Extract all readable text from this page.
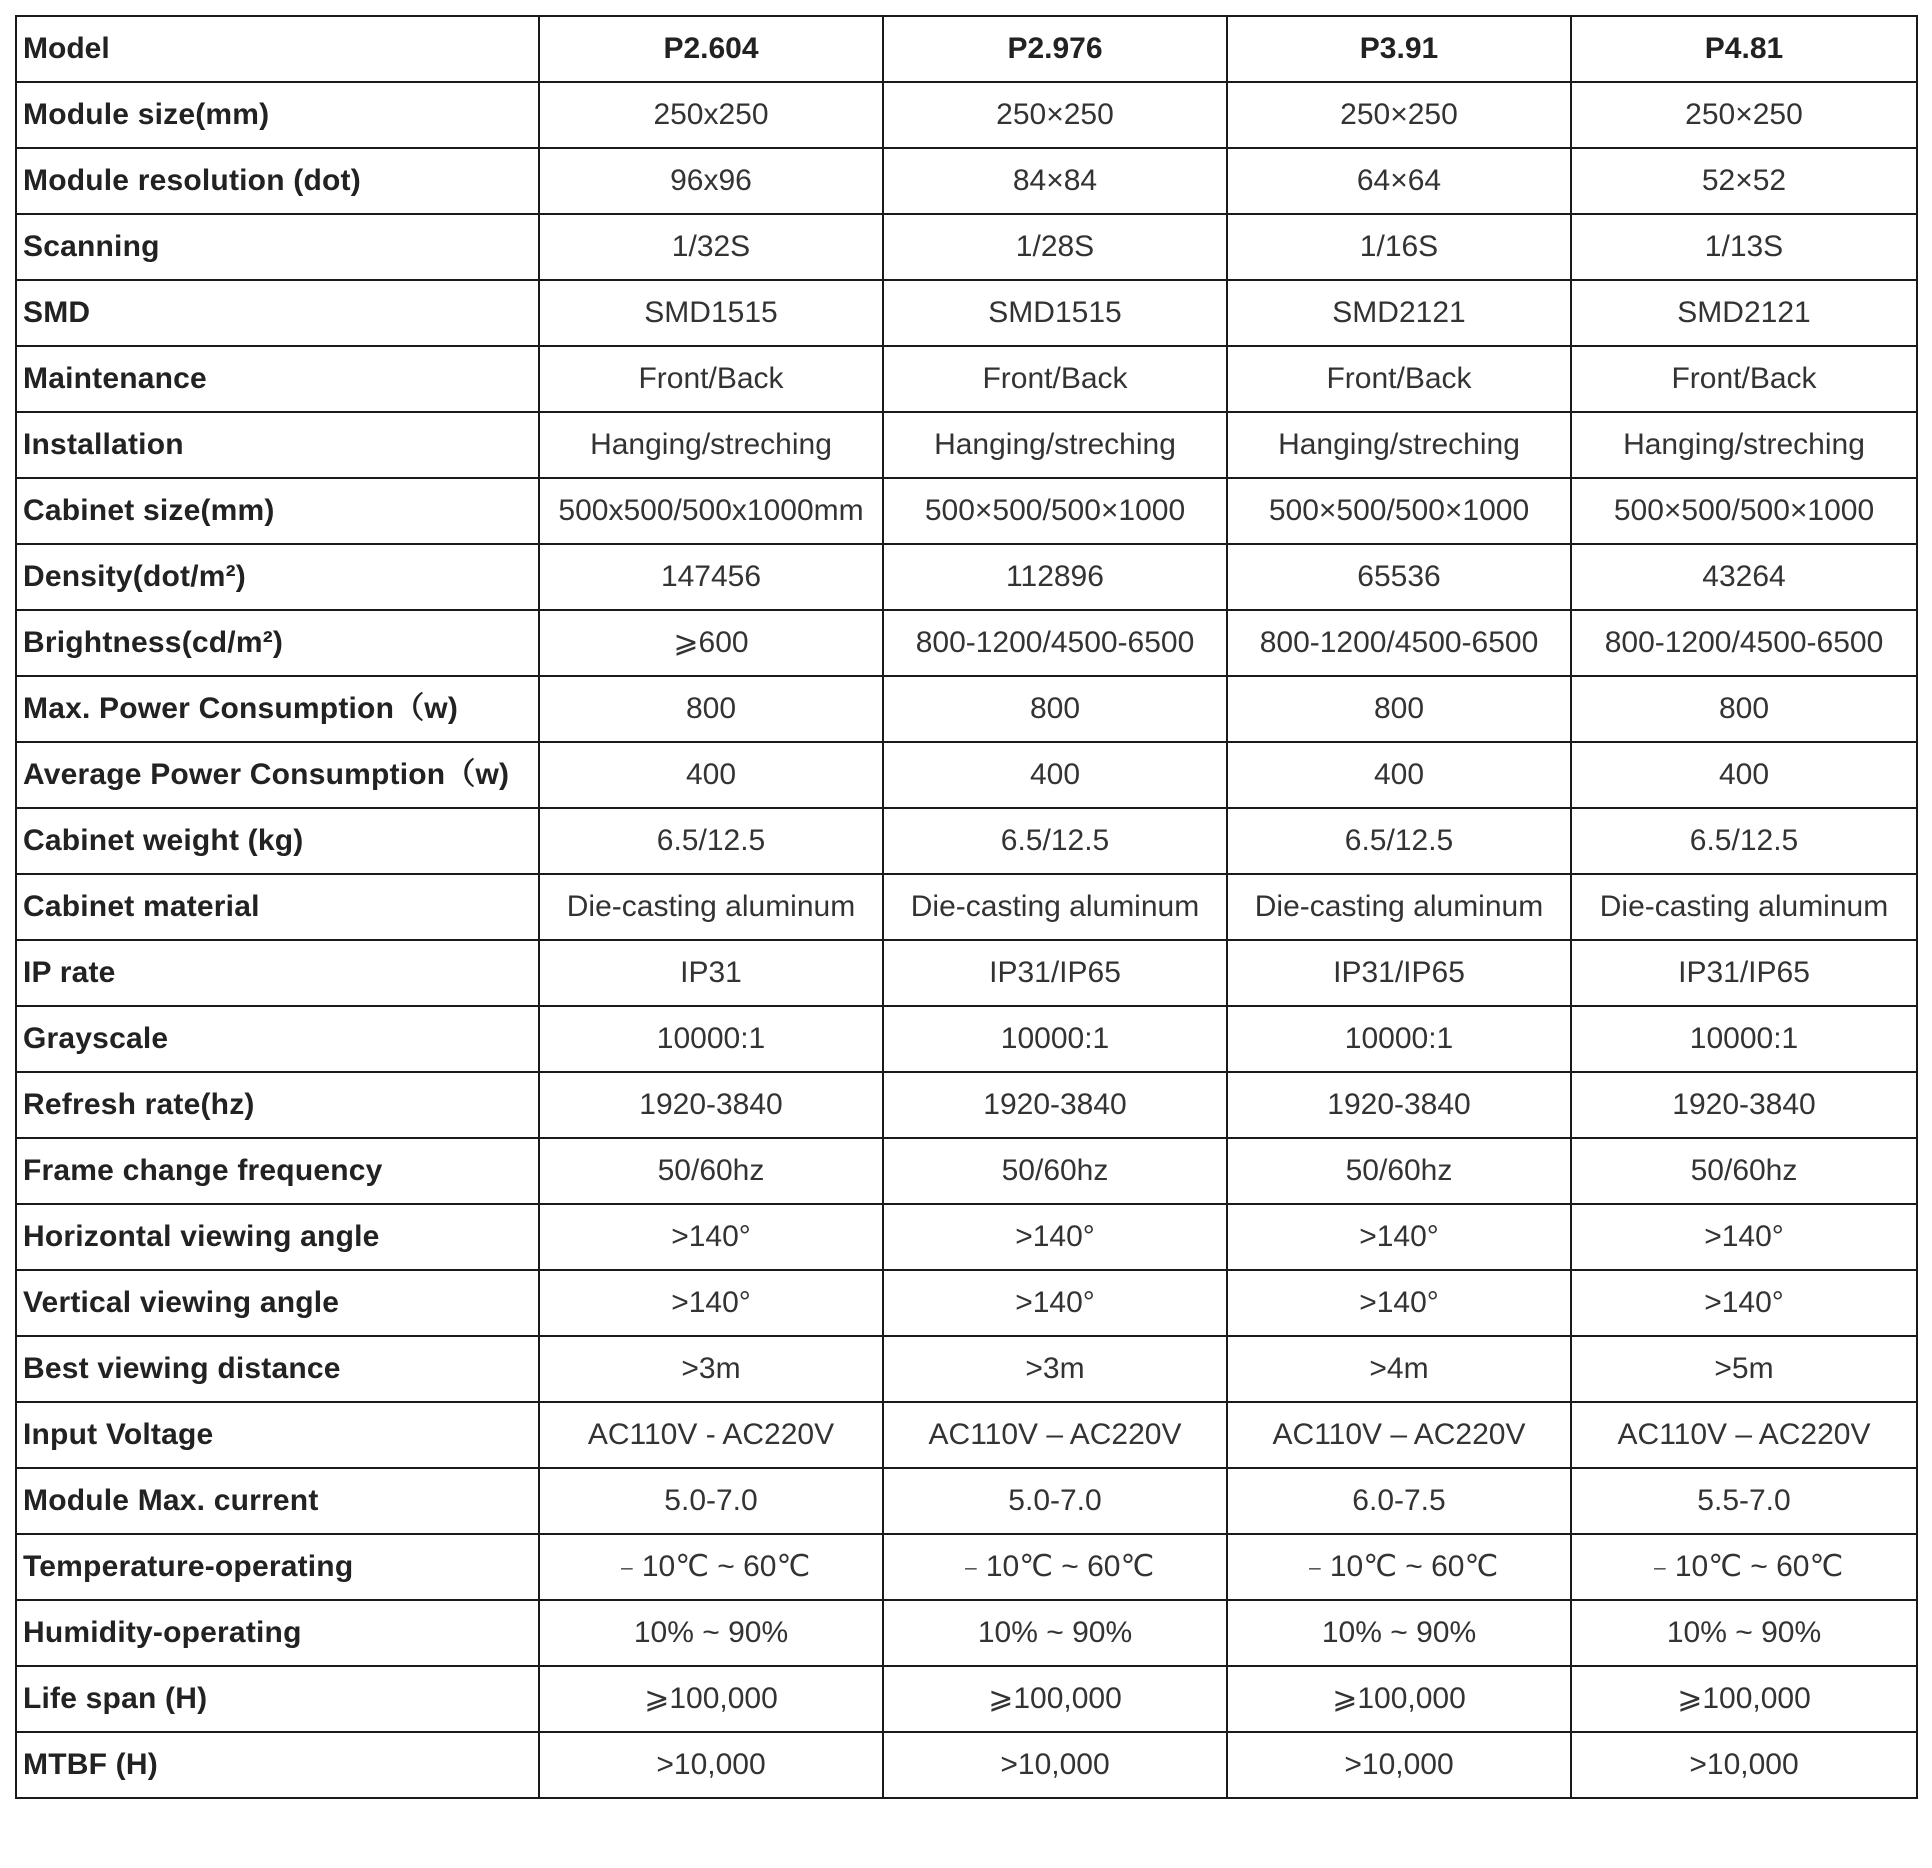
Model	P2.604	P2.976	P3.91	P4.81
Module size(mm)	250x250	250×250	250×250	250×250
Module resolution (dot)	96x96	84×84	64×64	52×52
Scanning	1/32S	1/28S	1/16S	1/13S
SMD	SMD1515	SMD1515	SMD2121	SMD2121
Maintenance	Front/Back	Front/Back	Front/Back	Front/Back
Installation	Hanging/streching	Hanging/streching	Hanging/streching	Hanging/streching
Cabinet size(mm)	500x500/500x1000mm	500×500/500×1000	500×500/500×1000	500×500/500×1000
Density(dot/m²)	147456	112896	65536	43264
Brightness(cd/m²)	⩾600	800-1200/4500-6500	800-1200/4500-6500	800-1200/4500-6500
Max. Power Consumption（w)	800	800	800	800
Average Power Consumption（w)	400	400	400	400
Cabinet weight (kg)	6.5/12.5	6.5/12.5	6.5/12.5	6.5/12.5
Cabinet material	Die-casting aluminum	Die-casting aluminum	Die-casting aluminum	Die-casting aluminum
IP rate	IP31	IP31/IP65	IP31/IP65	IP31/IP65
Grayscale	10000:1	10000:1	10000:1	10000:1
Refresh rate(hz)	1920-3840	1920-3840	1920-3840	1920-3840
Frame change frequency	50/60hz	50/60hz	50/60hz	50/60hz
Horizontal viewing angle	>140°	>140°	>140°	>140°
Vertical viewing angle	>140°	>140°	>140°	>140°
Best viewing distance	>3m	>3m	>4m	>5m
Input Voltage	AC110V - AC220V	AC110V – AC220V	AC110V – AC220V	AC110V – AC220V
Module Max. current	5.0-7.0	5.0-7.0	6.0-7.5	5.5-7.0
Temperature-operating	﹣10℃ ~ 60℃	﹣10℃ ~ 60℃	﹣10℃ ~ 60℃	﹣10℃ ~ 60℃
Humidity-operating	10% ~ 90%	10% ~ 90%	10% ~ 90%	10% ~ 90%
Life span (H)	⩾100,000	⩾100,000	⩾100,000	⩾100,000
MTBF (H)	>10,000	>10,000	>10,000	>10,000
